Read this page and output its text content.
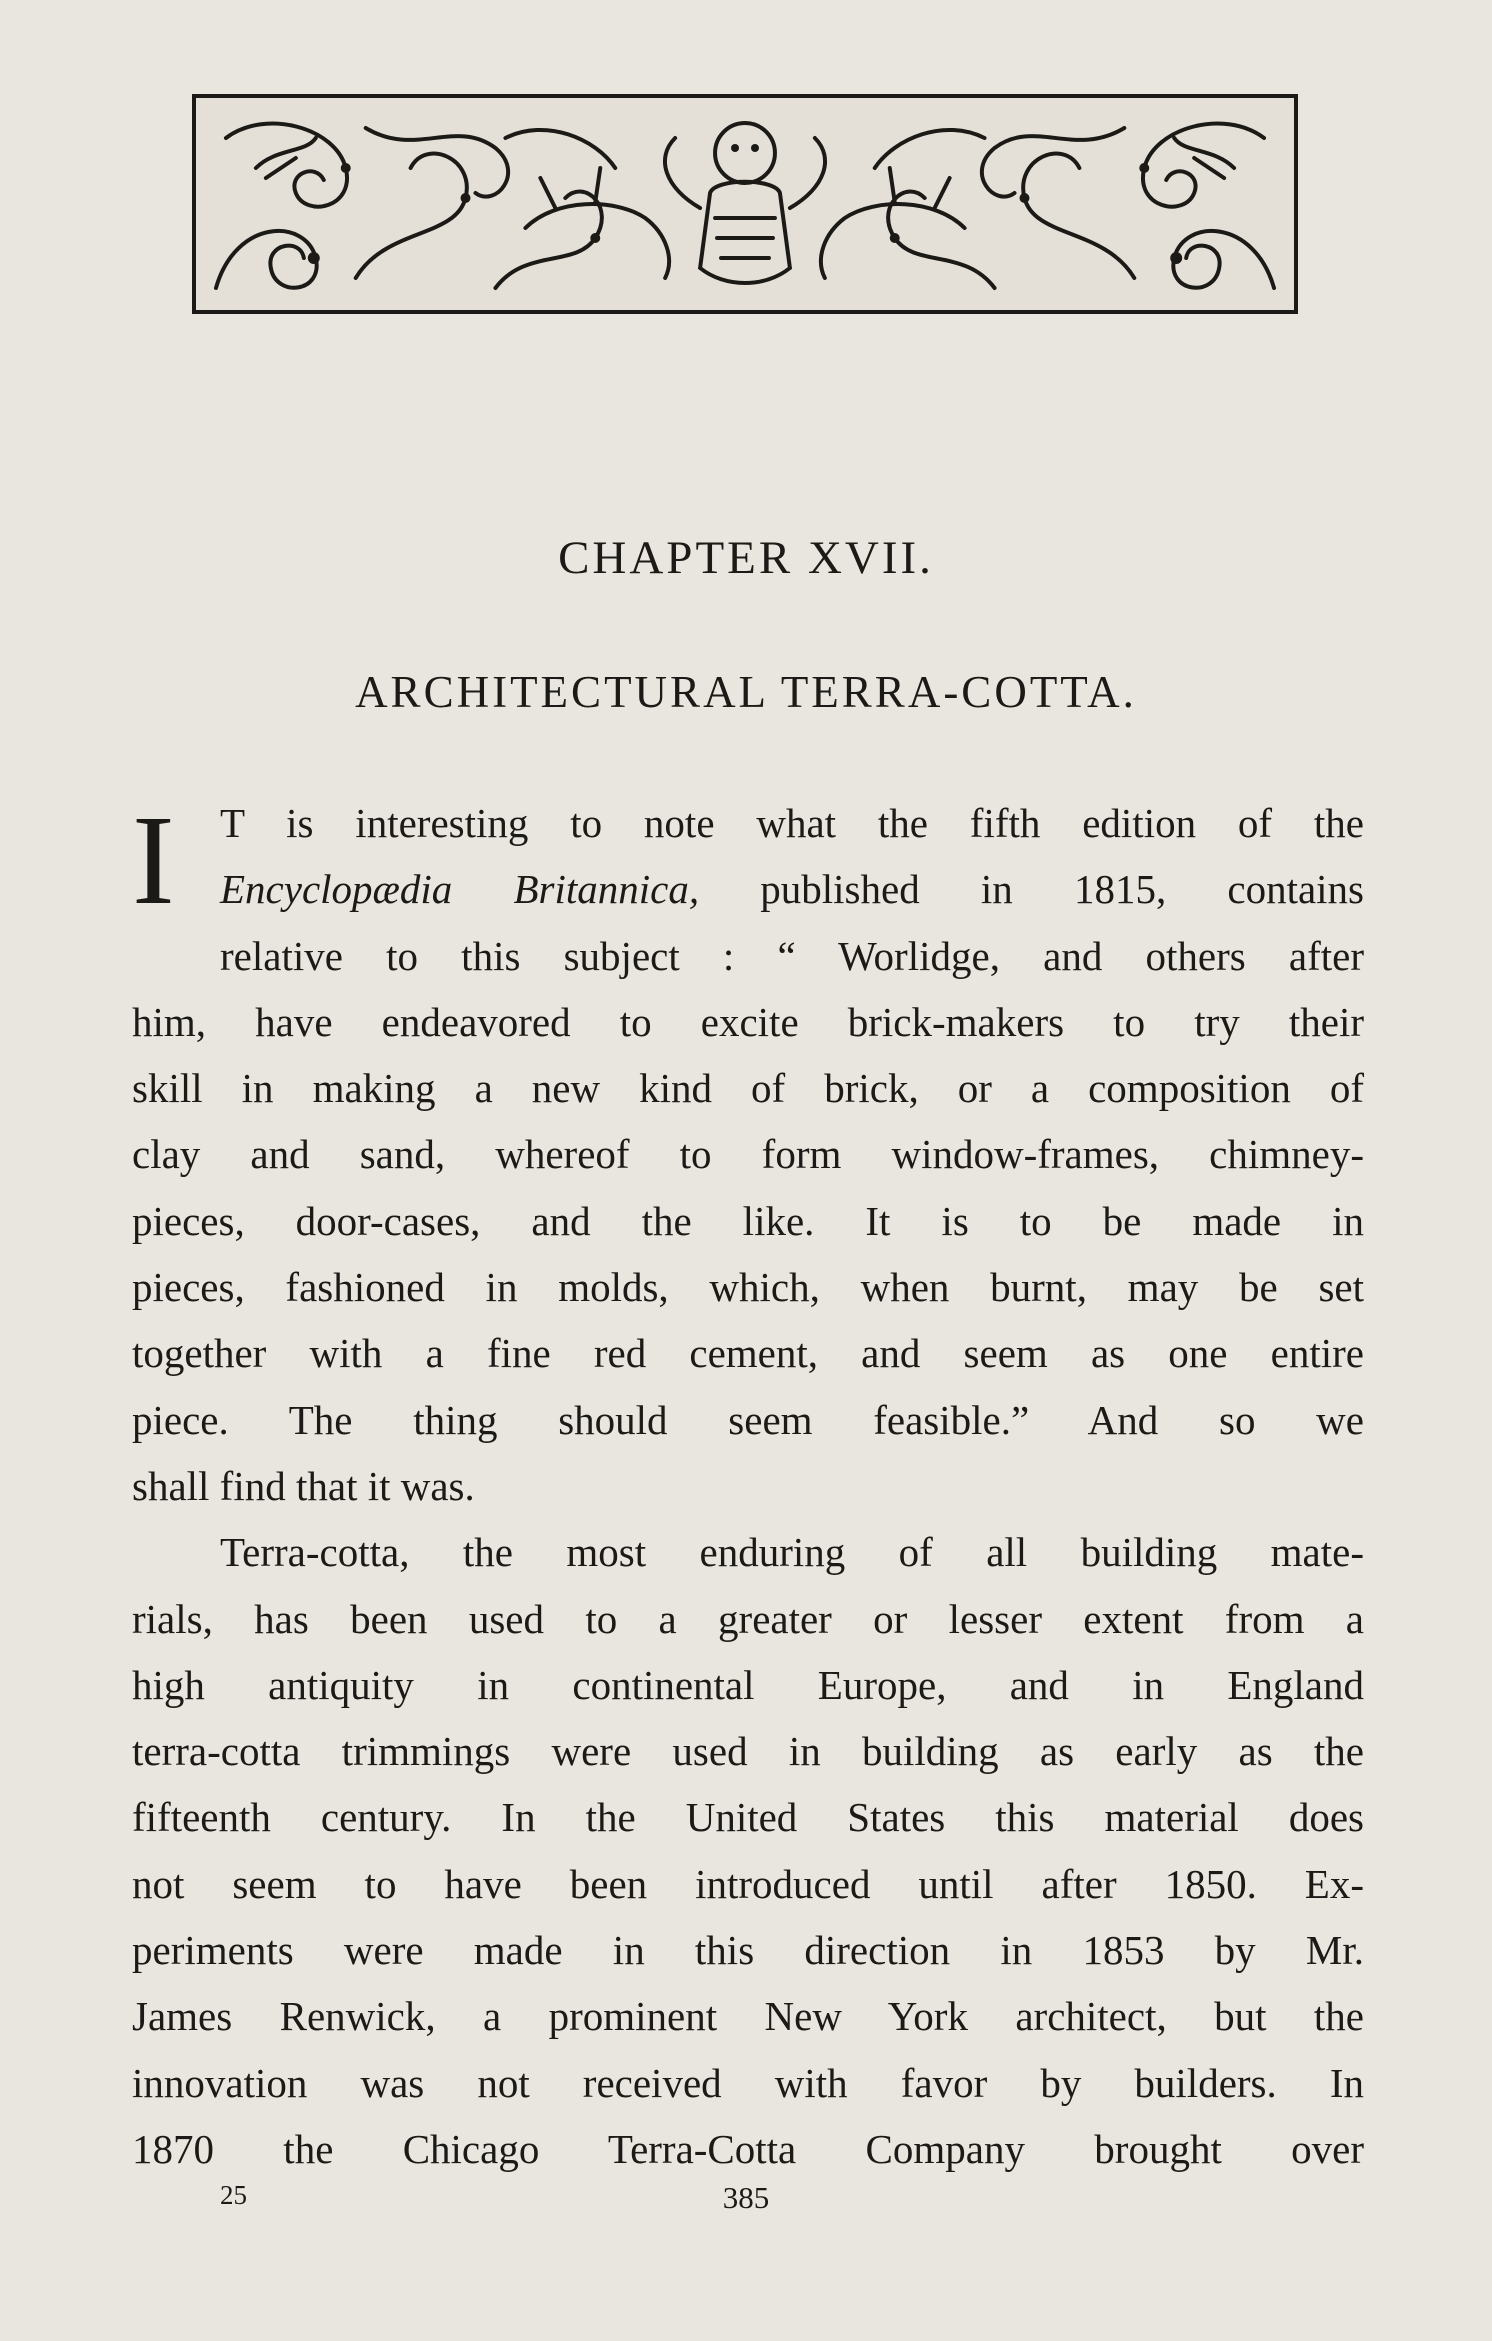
CHAPTER XVII.
ARCHITECTURAL TERRA-COTTA.
I	T is interesting to note what the fifth edition of the
Encyclopædia Britannica, published in 1815, contains
relative to this subject : “ Worlidge, and others after
him, have endeavored to excite brick-makers to try their
skill in making a new kind of brick, or a composition of
clay and sand, whereof to form window-frames, chimney-
pieces, door-cases, and the like. It is to be made in
pieces, fashioned in molds, which, when burnt, may be set
together with a fine red cement, and seem as one entire
piece. The thing should seem feasible.” And so we
shall find that it was.
Terra-cotta, the most enduring of all building mate-
rials, has been used to a greater or lesser extent from a
high antiquity in continental Europe, and in England
terra-cotta trimmings were used in building as early as the
fifteenth century. In the United States this material does
not seem to have been introduced until after 1850. Ex-
periments were made in this direction in 1853 by Mr.
James Renwick, a prominent New York architect, but the
innovation was not received with favor by builders. In
1870 the Chicago Terra-Cotta Company brought over
25	385
